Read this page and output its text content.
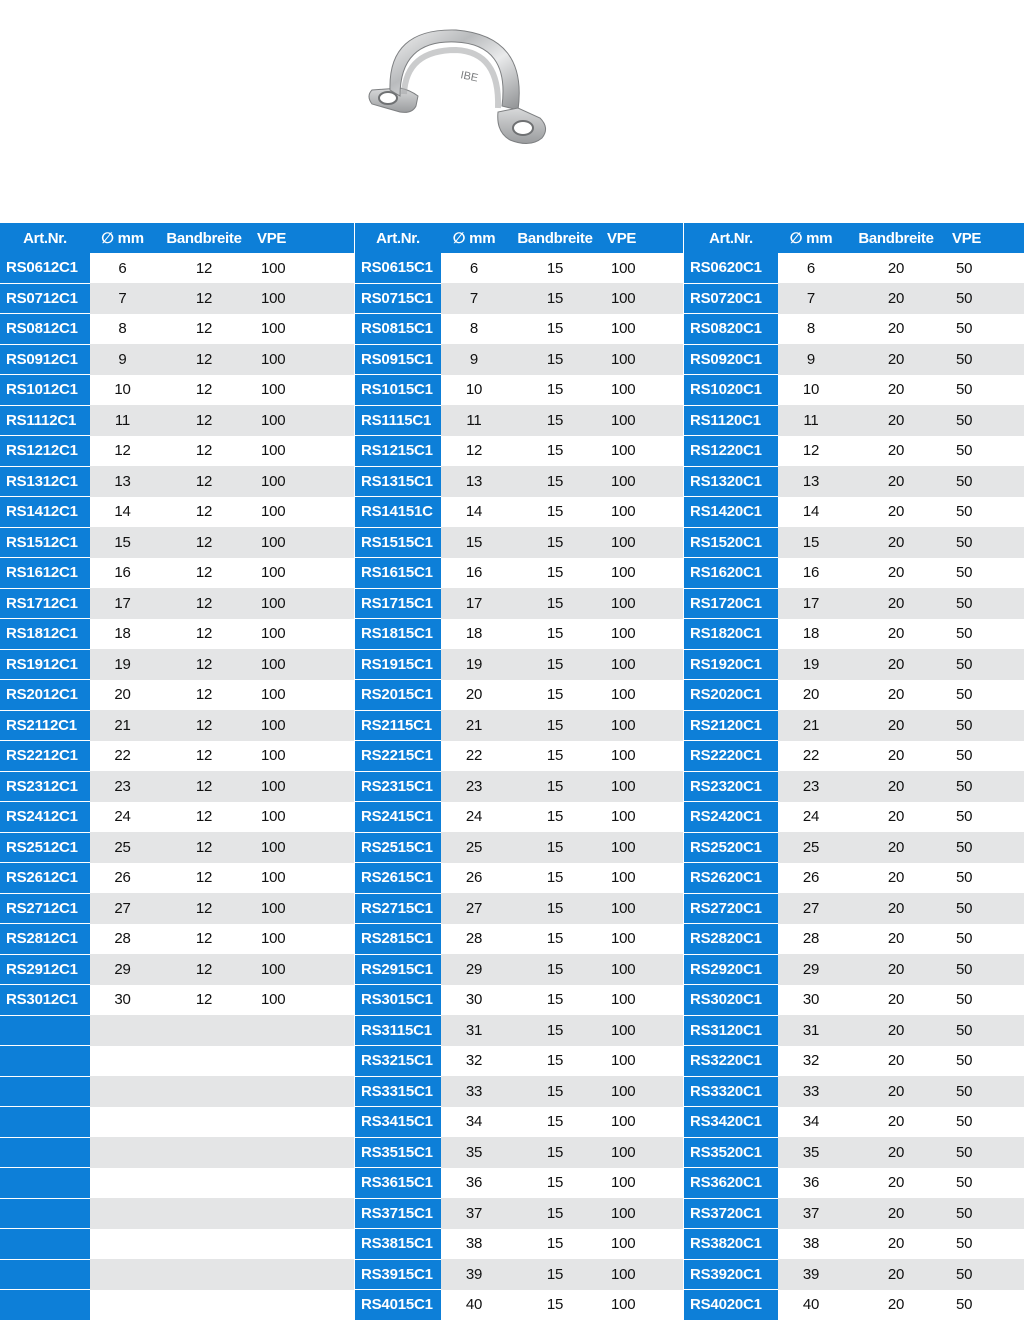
IBE
Art.Nr.	∅ mm	Bandbreite	VPE
RS0612C1	6	12	100
RS0712C1	7	12	100
RS0812C1	8	12	100
RS0912C1	9	12	100
RS1012C1	10	12	100
RS1112C1	11	12	100
RS1212C1	12	12	100
RS1312C1	13	12	100
RS1412C1	14	12	100
RS1512C1	15	12	100
RS1612C1	16	12	100
RS1712C1	17	12	100
RS1812C1	18	12	100
RS1912C1	19	12	100
RS2012C1	20	12	100
RS2112C1	21	12	100
RS2212C1	22	12	100
RS2312C1	23	12	100
RS2412C1	24	12	100
RS2512C1	25	12	100
RS2612C1	26	12	100
RS2712C1	27	12	100
RS2812C1	28	12	100
RS2912C1	29	12	100
RS3012C1	30	12	100

Art.Nr.	∅ mm	Bandbreite	VPE
RS0615C1	6	15	100
RS0715C1	7	15	100
RS0815C1	8	15	100
RS0915C1	9	15	100
RS1015C1	10	15	100
RS1115C1	11	15	100
RS1215C1	12	15	100
RS1315C1	13	15	100
RS14151C	14	15	100
RS1515C1	15	15	100
RS1615C1	16	15	100
RS1715C1	17	15	100
RS1815C1	18	15	100
RS1915C1	19	15	100
RS2015C1	20	15	100
RS2115C1	21	15	100
RS2215C1	22	15	100
RS2315C1	23	15	100
RS2415C1	24	15	100
RS2515C1	25	15	100
RS2615C1	26	15	100
RS2715C1	27	15	100
RS2815C1	28	15	100
RS2915C1	29	15	100
RS3015C1	30	15	100
RS3115C1	31	15	100
RS3215C1	32	15	100
RS3315C1	33	15	100
RS3415C1	34	15	100
RS3515C1	35	15	100
RS3615C1	36	15	100
RS3715C1	37	15	100
RS3815C1	38	15	100
RS3915C1	39	15	100
RS4015C1	40	15	100
Art.Nr.	∅ mm	Bandbreite	VPE
RS0620C1	6	20	50
RS0720C1	7	20	50
RS0820C1	8	20	50
RS0920C1	9	20	50
RS1020C1	10	20	50
RS1120C1	11	20	50
RS1220C1	12	20	50
RS1320C1	13	20	50
RS1420C1	14	20	50
RS1520C1	15	20	50
RS1620C1	16	20	50
RS1720C1	17	20	50
RS1820C1	18	20	50
RS1920C1	19	20	50
RS2020C1	20	20	50
RS2120C1	21	20	50
RS2220C1	22	20	50
RS2320C1	23	20	50
RS2420C1	24	20	50
RS2520C1	25	20	50
RS2620C1	26	20	50
RS2720C1	27	20	50
RS2820C1	28	20	50
RS2920C1	29	20	50
RS3020C1	30	20	50
RS3120C1	31	20	50
RS3220C1	32	20	50
RS3320C1	33	20	50
RS3420C1	34	20	50
RS3520C1	35	20	50
RS3620C1	36	20	50
RS3720C1	37	20	50
RS3820C1	38	20	50
RS3920C1	39	20	50
RS4020C1	40	20	50
